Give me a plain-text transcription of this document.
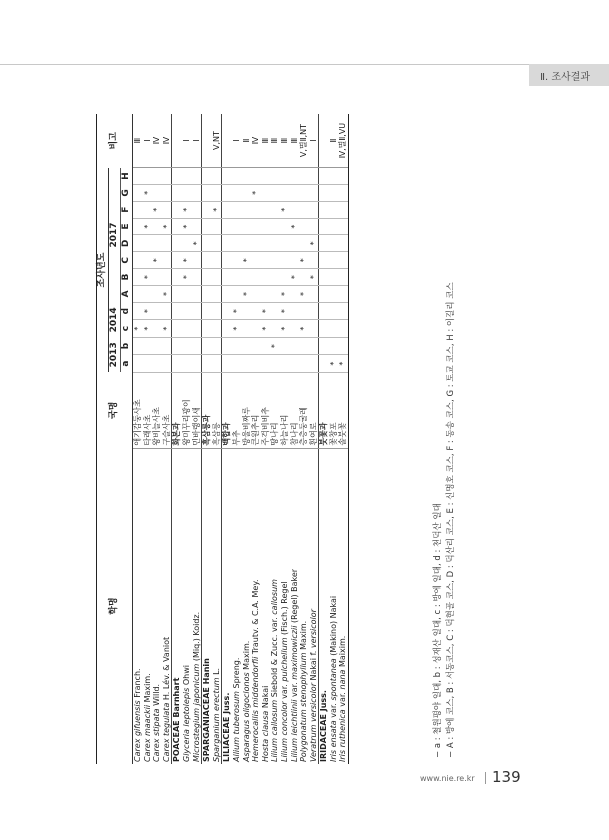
Ⅱ. 조사결과
학명	국명	조사년도												비고
		2013		2014		2017								
		a	b	c	d	A	B	C	D	E	F	G	H	
Carex gifuensis Franch.	애기감둥사초			*										Ⅲ
Carex maackii Maxim.	타래사초			*	*		*			*		*		Ⅰ
Carex stipata Willd.	왕비늘사초							*			*			Ⅳ
Carex tegulata H. Lév. & Vaniot	구슬사초			*		*				*				Ⅳ
POACEAE Barnhart	화본과													
Glyceria leptolepis Ohwi	왕미꾸리광이						*	*		*	*			Ⅰ
Microstegium japonicum (Miq.) Koidz.	민바랭이새								*					Ⅰ
SPARGANIACEAE Hanin	흑삼릉과													
Sparganium erectum L.	흑삼릉										*			Ⅴ,NT
LILIACEAE Juss.	백합과													
Allium tuberosum Spreng.	부추			*	*									Ⅰ
Asparagus oligoclonos Maxim.	방울비짜루					*		*						Ⅱ
Hemerocallis middendorfii Trautv. & C.A. Mey.	큰원추리											*		Ⅳ
Hosta clausa Nakai	주걱비비추			*	*									Ⅲ
Lilium callosum Siebold & Zucc. var. callosum	땅나리		*											Ⅲ
Lilium concolor var. pulchellum (Fisch.) Regel	하늘나리			*	*	*					*			Ⅲ
Lilium leichtlinii var. maximowiczii (Regel) Baker	참나리						*			*				Ⅲ
Polygonatum stenophyllum Maxim.	층층둥굴레			*		*		*						Ⅴ,멸Ⅱ,NT
Veratrum versicolor Nakai f. versicolor	흰여로						*		*					Ⅰ
IRIDACEAE Juss.	붓꽃과													
Iris ensata var. spontanea (Makino) Nakai	꽃창포	*												Ⅱ
Iris ruthenica var. nana Maixim.	솔붓꽃	*												Ⅳ,멸Ⅱ,VU
− a : 철원평야 일대, b : 성재산 일대, c : 방에 일대, d : 천덕산 일대 − A : 방에 코스, B : 서동코스, C : 덕현골 코스, D : 덕산리 코스, E : 신명호 코스, F : 동송 코스, G : 토교 코스, H : 이길리 코스
www.nie.re.kr 139
